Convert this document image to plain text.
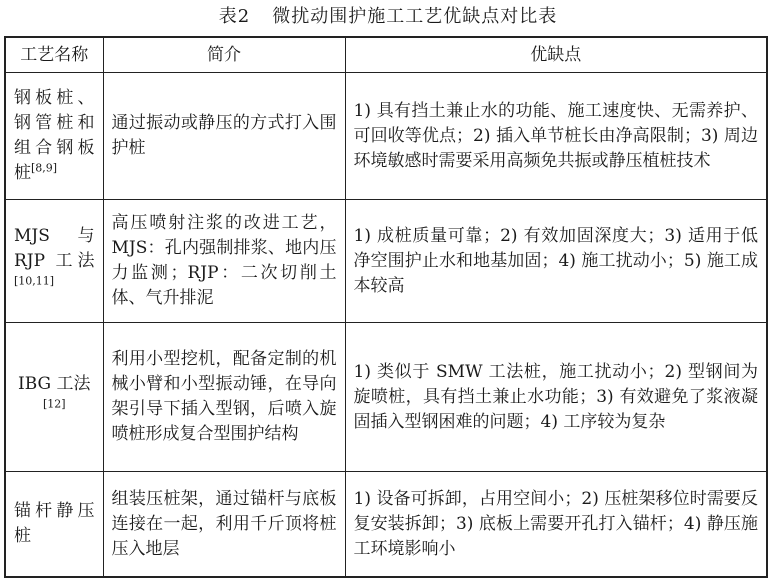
表2 微扰动围护施工工艺优缺点对比表
工艺名称	简介	优缺点
钢板桩、钢管桩和组合钢板桩[8,9]	通过振动或静压的方式打入围护桩	1) 具有挡土兼止水的功能、施工速度快、无需养护、可回收等优点；2) 插入单节桩长由净高限制；3) 周边环境敏感时需要采用高频免共振或静压植桩技术
MJS 与 RJP 工法[10,11]	高压喷射注浆的改进工艺，MJS：孔内强制排浆、地内压力监测；RJP：二次切削土体、气升排泥	1) 成桩质量可靠；2) 有效加固深度大；3) 适用于低净空围护止水和地基加固；4) 施工扰动小；5) 施工成本较高
IBG 工法[12]	利用小型挖机，配备定制的机械小臂和小型振动锤，在导向架引导下插入型钢，后喷入旋喷桩形成复合型围护结构	1) 类似于 SMW 工法桩，施工扰动小；2) 型钢间为旋喷桩，具有挡土兼止水功能；3) 有效避免了浆液凝固插入型钢困难的问题；4) 工序较为复杂
锚杆静压桩	组装压桩架，通过锚杆与底板连接在一起，利用千斤顶将桩压入地层	1) 设备可拆卸，占用空间小；2) 压桩架移位时需要反复安装拆卸；3) 底板上需要开孔打入锚杆；4) 静压施工环境影响小
